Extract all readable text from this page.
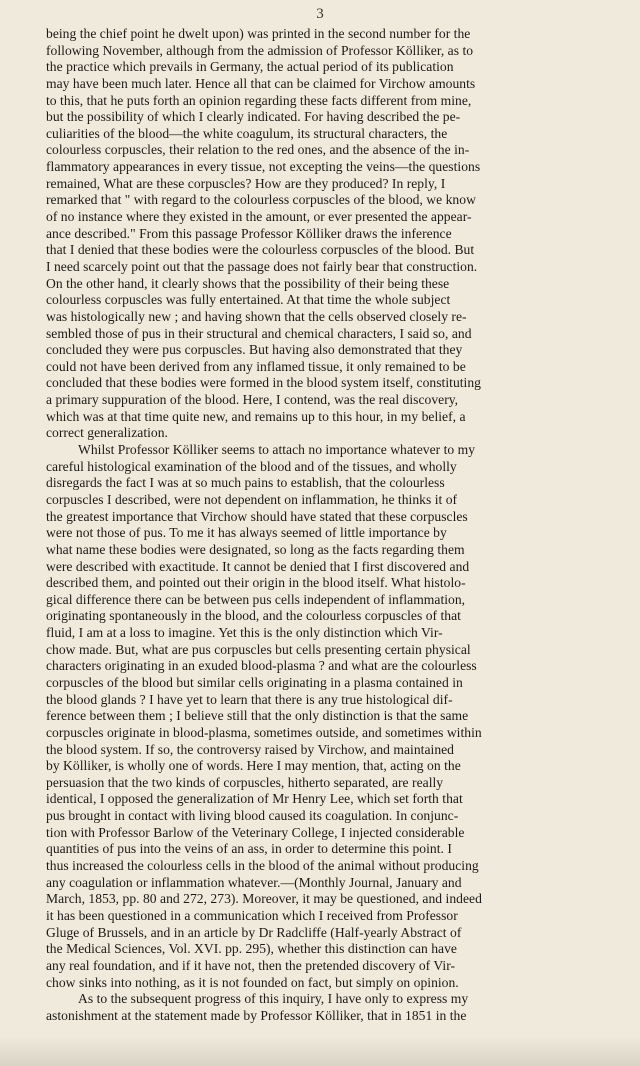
3
being the chief point he dwelt upon) was printed in the second number for the
following November, although from the admission of Professor Kölliker, as to
the practice which prevails in Germany, the actual period of its publication
may have been much later. Hence all that can be claimed for Virchow amounts
to this, that he puts forth an opinion regarding these facts different from mine,
but the possibility of which I clearly indicated. For having described the pe-
culiarities of the blood—the white coagulum, its structural characters, the
colourless corpuscles, their relation to the red ones, and the absence of the in-
flammatory appearances in every tissue, not excepting the veins—the questions
remained, What are these corpuscles? How are they produced? In reply, I
remarked that " with regard to the colourless corpuscles of the blood, we know
of no instance where they existed in the amount, or ever presented the appear-
ance described." From this passage Professor Kölliker draws the inference
that I denied that these bodies were the colourless corpuscles of the blood. But
I need scarcely point out that the passage does not fairly bear that construction.
On the other hand, it clearly shows that the possibility of their being these
colourless corpuscles was fully entertained. At that time the whole subject
was histologically new ; and having shown that the cells observed closely re-
sembled those of pus in their structural and chemical characters, I said so, and
concluded they were pus corpuscles. But having also demonstrated that they
could not have been derived from any inflamed tissue, it only remained to be
concluded that these bodies were formed in the blood system itself, constituting
a primary suppuration of the blood. Here, I contend, was the real discovery,
which was at that time quite new, and remains up to this hour, in my belief, a
correct generalization.
Whilst Professor Kölliker seems to attach no importance whatever to my
careful histological examination of the blood and of the tissues, and wholly
disregards the fact I was at so much pains to establish, that the colourless
corpuscles I described, were not dependent on inflammation, he thinks it of
the greatest importance that Virchow should have stated that these corpuscles
were not those of pus. To me it has always seemed of little importance by
what name these bodies were designated, so long as the facts regarding them
were described with exactitude. It cannot be denied that I first discovered and
described them, and pointed out their origin in the blood itself. What histolo-
gical difference there can be between pus cells independent of inflammation,
originating spontaneously in the blood, and the colourless corpuscles of that
fluid, I am at a loss to imagine. Yet this is the only distinction which Vir-
chow made. But, what are pus corpuscles but cells presenting certain physical
characters originating in an exuded blood-plasma ? and what are the colourless
corpuscles of the blood but similar cells originating in a plasma contained in
the blood glands ? I have yet to learn that there is any true histological dif-
ference between them ; I believe still that the only distinction is that the same
corpuscles originate in blood-plasma, sometimes outside, and sometimes within
the blood system. If so, the controversy raised by Virchow, and maintained
by Kölliker, is wholly one of words. Here I may mention, that, acting on the
persuasion that the two kinds of corpuscles, hitherto separated, are really
identical, I opposed the generalization of Mr Henry Lee, which set forth that
pus brought in contact with living blood caused its coagulation. In conjunc-
tion with Professor Barlow of the Veterinary College, I injected considerable
quantities of pus into the veins of an ass, in order to determine this point. I
thus increased the colourless cells in the blood of the animal without producing
any coagulation or inflammation whatever.—(Monthly Journal, January and
March, 1853, pp. 80 and 272, 273). Moreover, it may be questioned, and indeed
it has been questioned in a communication which I received from Professor
Gluge of Brussels, and in an article by Dr Radcliffe (Half-yearly Abstract of
the Medical Sciences, Vol. XVI. pp. 295), whether this distinction can have
any real foundation, and if it have not, then the pretended discovery of Vir-
chow sinks into nothing, as it is not founded on fact, but simply on opinion.
As to the subsequent progress of this inquiry, I have only to express my
astonishment at the statement made by Professor Kölliker, that in 1851 in the
